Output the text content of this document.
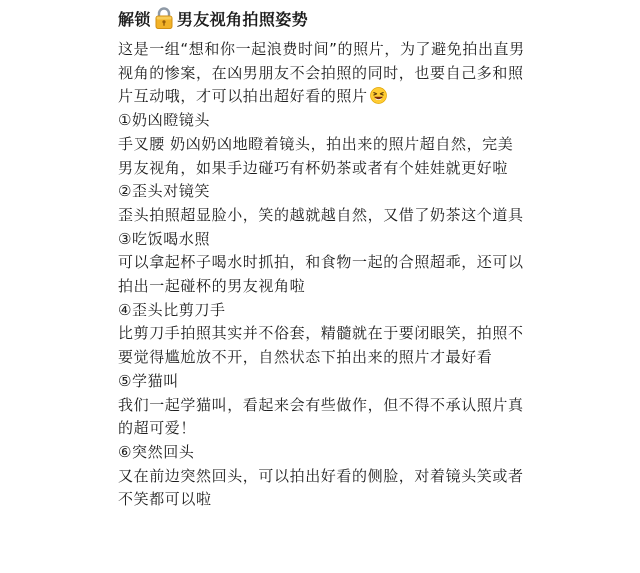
解锁 男友视角拍照姿势

这是一组“想和你一起浪费时间”的照片，为了避免拍出直男视角的惨案，在凶男朋友不会拍照的同时，也要自己多和照片互动哦，才可以拍出超好看的照片

①奶凶瞪镜头

手叉腰 奶凶奶凶地瞪着镜头，拍出来的照片超自然，完美男友视角，如果手边碰巧有杯奶茶或者有个娃娃就更好啦

②歪头对镜笑

歪头拍照超显脸小，笑的越就越自然，又借了奶茶这个道具

③吃饭喝水照

可以拿起杯子喝水时抓拍，和食物一起的合照超乖，还可以拍出一起碰杯的男友视角啦

④歪头比剪刀手

比剪刀手拍照其实并不俗套，精髓就在于要闭眼笑，拍照不要觉得尴尬放不开，自然状态下拍出来的照片才最好看

⑤学猫叫

我们一起学猫叫，看起来会有些做作，但不得不承认照片真的超可爱！

⑥突然回头

又在前边突然回头，可以拍出好看的侧脸，对着镜头笑或者不笑都可以啦
